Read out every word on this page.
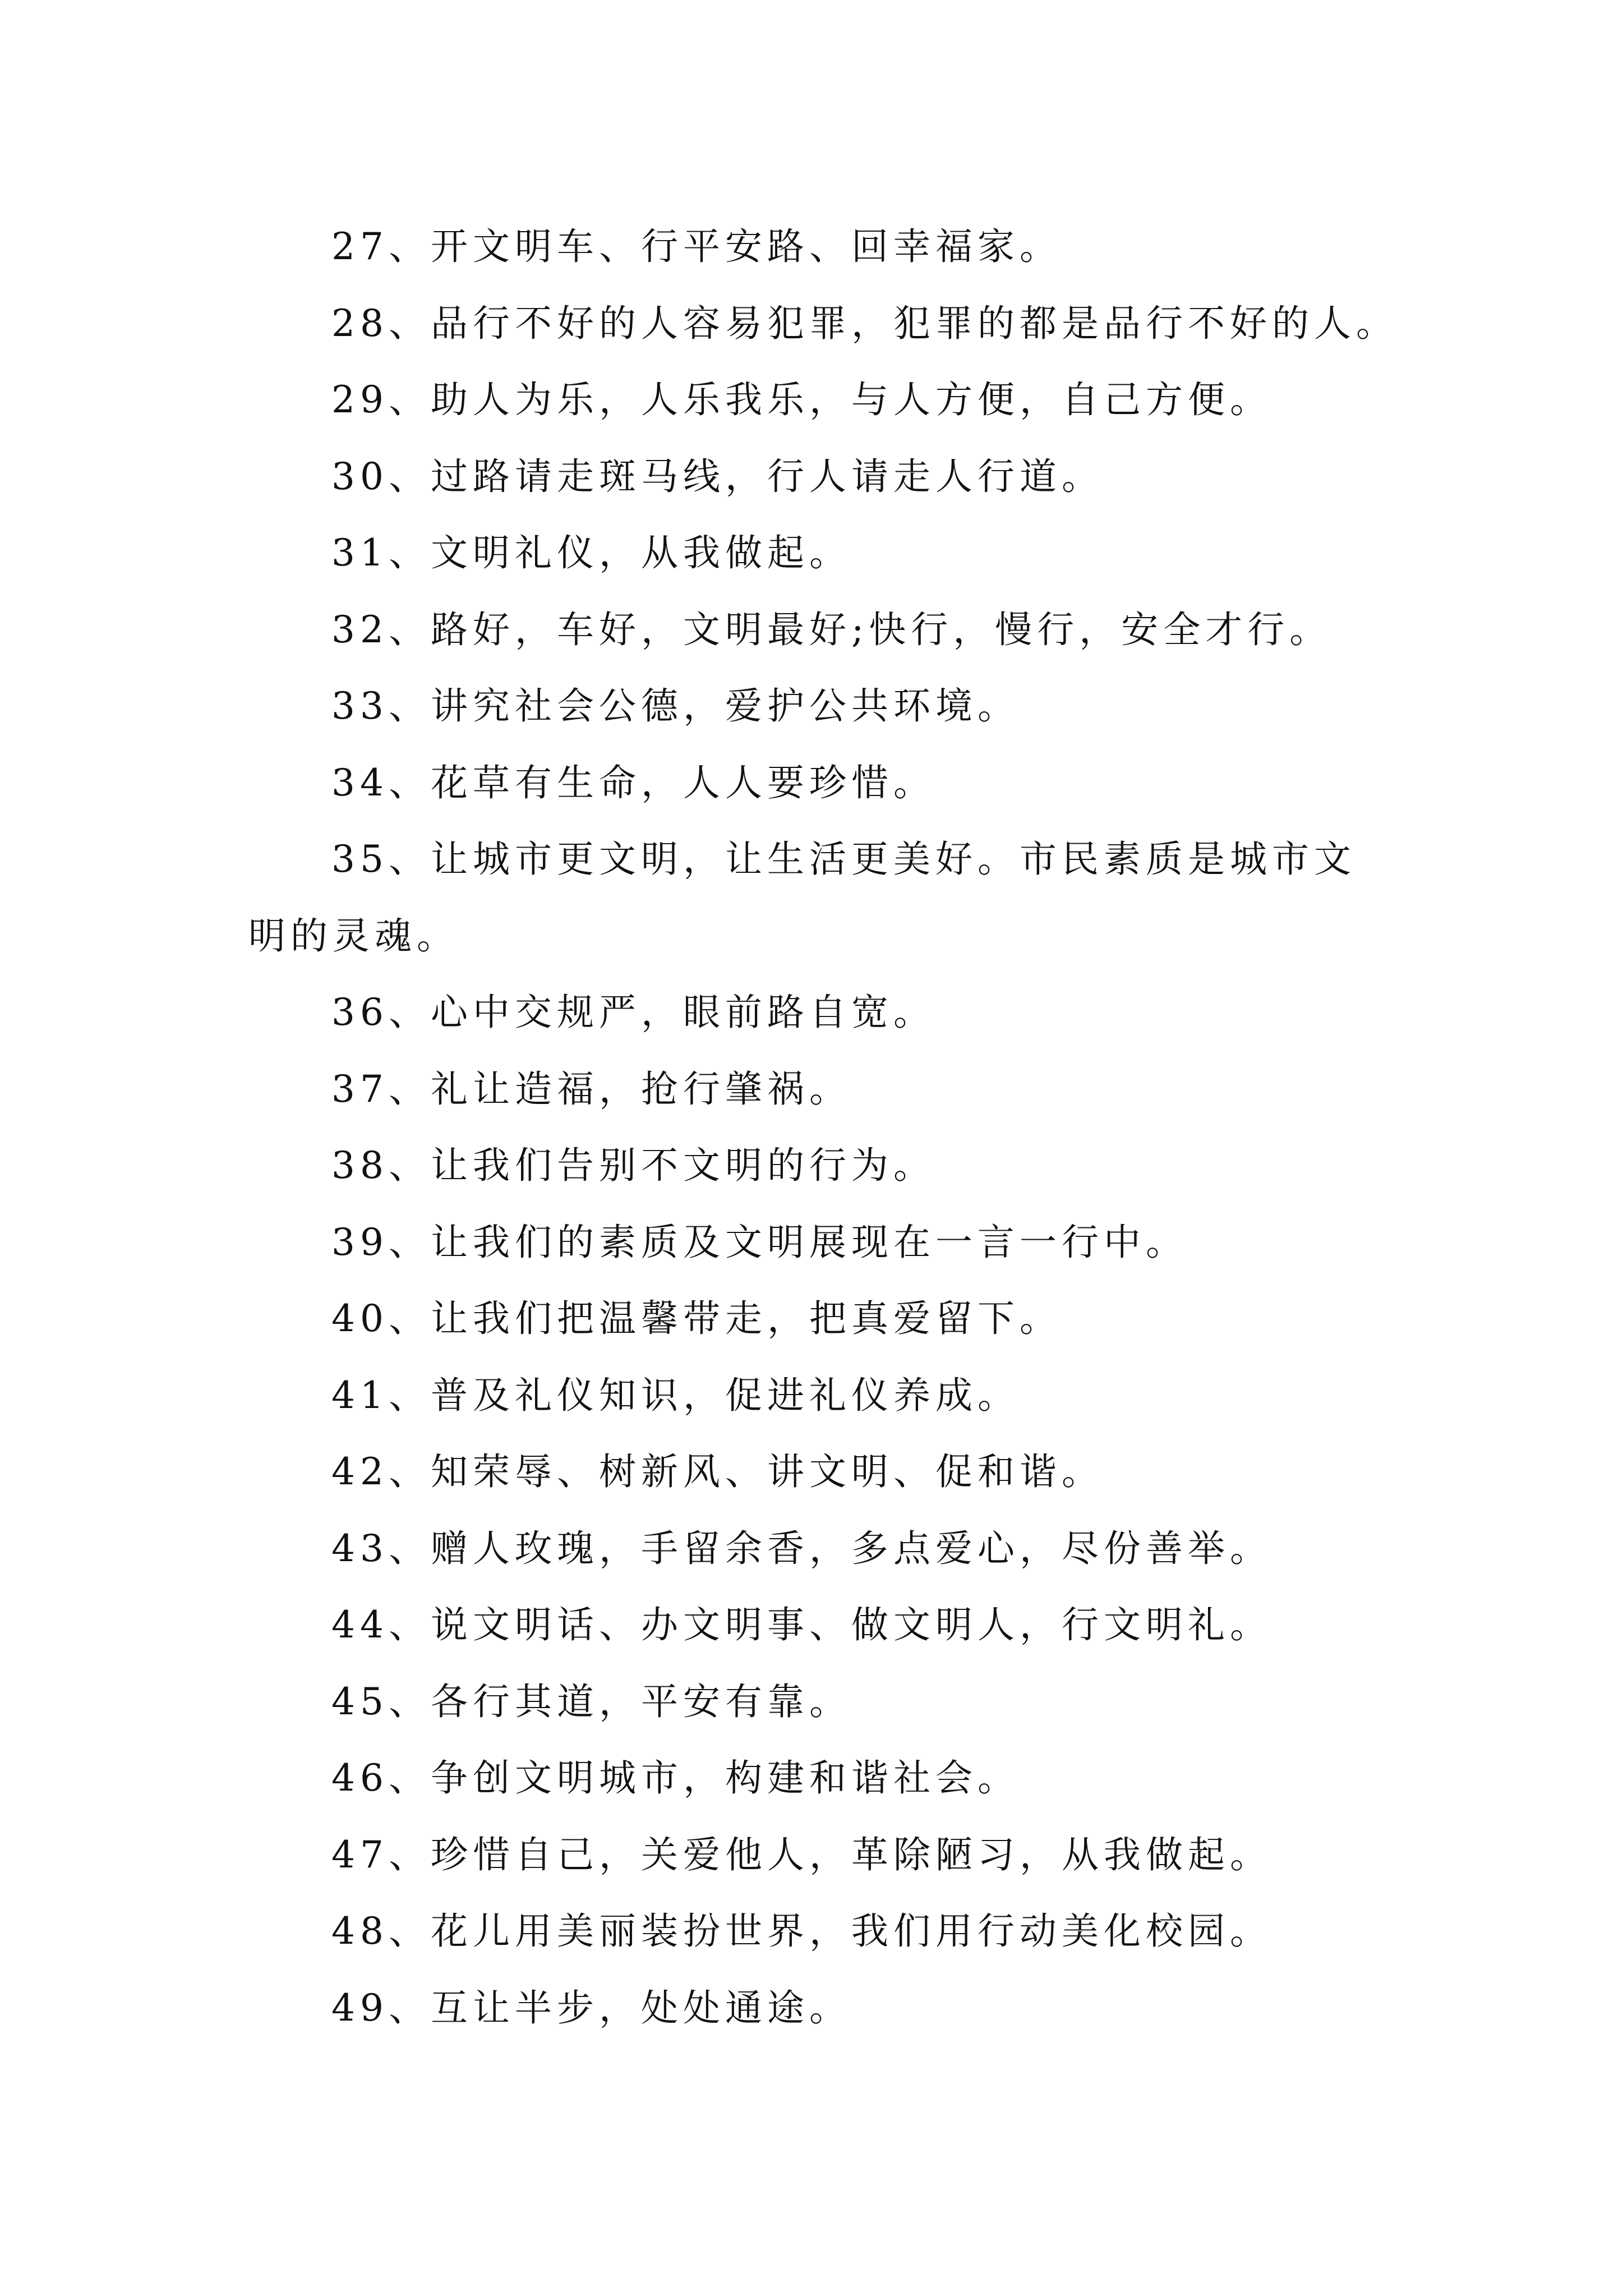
27、开文明车、行平安路、回幸福家。
28、品行不好的人容易犯罪，犯罪的都是品行不好的人。
29、助人为乐，人乐我乐，与人方便，自己方便。
30、过路请走斑马线，行人请走人行道。
31、文明礼仪，从我做起。
32、路好，车好，文明最好;快行，慢行，安全才行。
33、讲究社会公德，爱护公共环境。
34、花草有生命，人人要珍惜。
35、让城市更文明，让生活更美好。市民素质是城市文
明的灵魂。
36、心中交规严，眼前路自宽。
37、礼让造福，抢行肇祸。
38、让我们告别不文明的行为。
39、让我们的素质及文明展现在一言一行中。
40、让我们把温馨带走，把真爱留下。
41、普及礼仪知识，促进礼仪养成。
42、知荣辱、树新风、讲文明、促和谐。
43、赠人玫瑰，手留余香，多点爱心，尽份善举。
44、说文明话、办文明事、做文明人，行文明礼。
45、各行其道，平安有靠。
46、争创文明城市，构建和谐社会。
47、珍惜自己，关爱他人，革除陋习，从我做起。
48、花儿用美丽装扮世界，我们用行动美化校园。
49、互让半步，处处通途。
